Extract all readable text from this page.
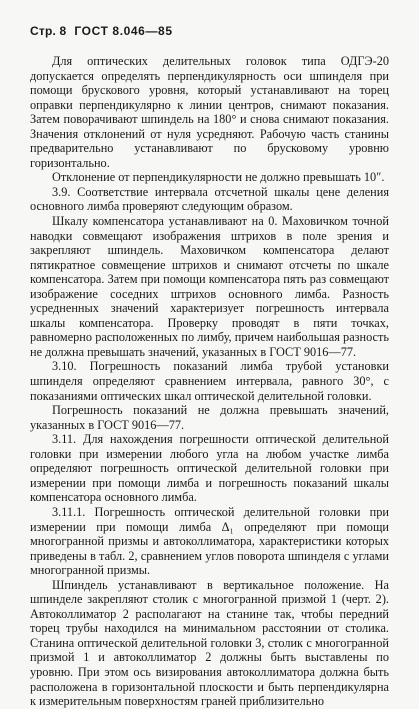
Стр. 8 ГОСТ 8.046—85

Для оптических делительных головок типа ОДГЭ-20 допускается определять перпендикулярность оси шпинделя при помощи брускового уровня, который устанавливают на торец оправки перпендикулярно к линии центров, снимают показания. Затем поворачивают шпиндель на 180° и снова снимают показания. Значения отклонений от нуля усредняют. Рабочую часть станины предварительно устанавливают по брусковому уровню горизонтально.

Отклонение от перпендикулярности не должно превышать 10″.

3.9. Соответствие интервала отсчетной шкалы цене деления основного лимба проверяют следующим образом.

Шкалу компенсатора устанавливают на 0. Маховичком точной наводки совмещают изображения штрихов в поле зрения и закрепляют шпиндель. Маховичком компенсатора делают пятикратное совмещение штрихов и снимают отсчеты по шкале компенсатора. Затем при помощи компенсатора пять раз совмещают изображение соседних штрихов основного лимба. Разность усредненных значений характеризует погрешность интервала шкалы компенсатора. Проверку проводят в пяти точках, равномерно расположенных по лимбу, причем наибольшая разность не должна превышать значений, указанных в ГОСТ 9016—77.

3.10. Погрешность показаний лимба трубой установки шпинделя определяют сравнением интервала, равного 30°, с показаниями оптических шкал оптической делительной головки.

Погрешность показаний не должна превышать значений, указанных в ГОСТ 9016—77.

3.11. Для нахождения погрешности оптической делительной головки при измерении любого угла на любом участке лимба определяют погрешность оптической делительной головки при измерении при помощи лимба и погрешность показаний шкалы компенсатора основного лимба.

3.11.1. Погрешность оптической делительной головки при измерении при помощи лимба Δ₁ определяют при помощи многогранной призмы и автоколлиматора, характеристики которых приведены в табл. 2, сравнением углов поворота шпинделя с углами многогранной призмы.

Шпиндель устанавливают в вертикальное положение. На шпинделе закрепляют столик с многогранной призмой 1 (черт. 2). Автоколлиматор 2 располагают на станине так, чтобы передний торец трубы находился на минимальном расстоянии от столика. Станина оптической делительной головки 3, столик с многогранной призмой 1 и автоколлиматор 2 должны быть выставлены по уровню. При этом ось визирования автоколлиматора должна быть расположена в горизонтальной плоскости и быть перпендикулярна к измерительным поверхностям граней приблизительно
